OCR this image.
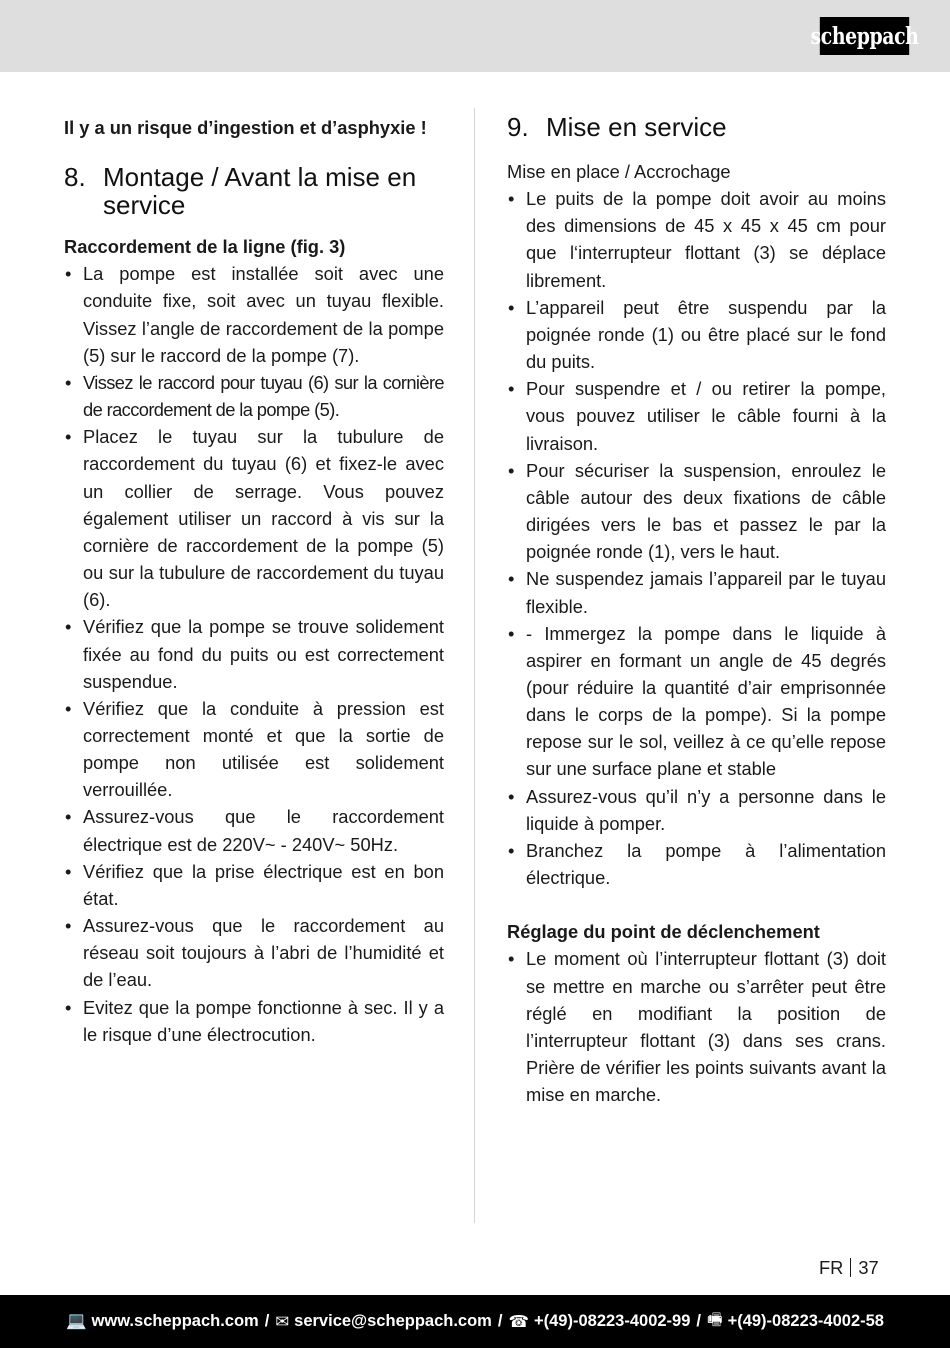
scheppach

Il y a un risque d’ingestion et d’asphyxie !

8. Montage / Avant la mise en service

Raccordement de la ligne (fig. 3)

• La pompe est installée soit avec une conduite fixe, soit avec un tuyau flexible. Vissez l’angle de raccordement de la pompe (5) sur le raccord de la pompe (7).
• Vissez le raccord pour tuyau (6) sur la cornière de raccordement de la pompe (5).
• Placez le tuyau sur la tubulure de raccordement du tuyau (6) et fixez-le avec un collier de serrage. Vous pouvez également utiliser un raccord à vis sur la cornière de raccordement de la pompe (5) ou sur la tubulure de raccordement du tuyau (6).
• Vérifiez que la pompe se trouve solidement fixée au fond du puits ou est correctement suspendue.
• Vérifiez que la conduite à pression est correctement monté et que la sortie de pompe non utilisée est solidement verrouillée.
• Assurez-vous que le raccordement électrique est de 220V~ - 240V~ 50Hz.
• Vérifiez que la prise électrique est en bon état.
• Assurez-vous que le raccordement au réseau soit toujours à l’abri de l’humidité et de l’eau.
• Evitez que la pompe fonctionne à sec. Il y a le risque d’une électrocution.
9. Mise en service

Mise en place / Accrochage

• Le puits de la pompe doit avoir au moins des dimensions de 45 x 45 x 45 cm pour que l‘interrupteur flottant (3) se déplace librement.
• L’appareil peut être suspendu par la poignée ronde (1) ou être placé sur le fond du puits.
• Pour suspendre et / ou retirer la pompe, vous pouvez utiliser le câble fourni à la livraison.
• Pour sécuriser la suspension, enroulez le câble autour des deux fixations de câble dirigées vers le bas et passez le par la poignée ronde (1), vers le haut.
• Ne suspendez jamais l’appareil par le tuyau flexible.
• - Immergez la pompe dans le liquide à aspirer en formant un angle de 45 degrés (pour réduire la quantité d’air emprisonnée dans le corps de la pompe). Si la pompe repose sur le sol, veillez à ce qu’elle repose sur une surface plane et stable
• Assurez-vous qu’il n’y a personne dans le liquide à pomper.
• Branchez la pompe à l’alimentation électrique.

Réglage du point de déclenchement

• Le moment où l’interrupteur flottant (3) doit se mettre en marche ou s’arrêter peut être réglé en modifiant la position de l’interrupteur flottant (3) dans ses crans. Prière de vérifier les points suivants avant la mise en marche.
FR 37
💻 www.scheppach.com / ✉ service@scheppach.com / ☎ +(49)-08223-4002-99 / 🖷 +(49)-08223-4002-58
